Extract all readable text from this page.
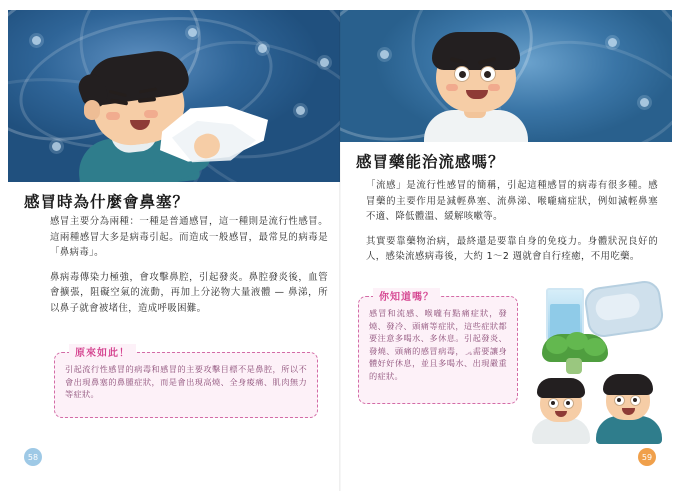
感冒時為什麼會鼻塞？

感冒主要分為兩種：一種是普通感冒，這一種則是流行性感冒。這兩種感冒大多是病毒引起。而造成一般感冒，最常見的病毒是「鼻病毒」。

鼻病毒傳染力極強，會攻擊鼻腔，引起發炎。鼻腔發炎後，血管會擴張，阻礙空氣的流動，再加上分泌物大量液體 — 鼻涕，所以鼻子就會被堵住，造成呼吸困難。

原來如此！
引起流行性感冒的病毒和感冒的主要攻擊目標不是鼻腔，所以不會出現鼻塞的鼻腫症狀，而是會出現高燒、全身痠痛、肌肉無力等症狀。
58
感冒藥能治流感嗎？

「流感」是流行性感冒的簡稱，引起這種感冒的病毒有很多種。感冒藥的主要作用是減輕鼻塞、流鼻涕、喉嚨痛症狀，例如減輕鼻塞不適、降低體溫、緩解咳嗽等。

其實要靠藥物治病，最終還是要靠自身的免疫力。身體狀況良好的人，感染流感病毒後，大約 1～2 週就會自行痊癒，不用吃藥。

你知道嗎？
感冒和流感、喉嚨有點痛症狀，發燒、發冷、頭痛等症狀，這些症狀都要注意多喝水、多休息。引起發炎、發燒、頭痛的感冒病毒，就需要讓身體好好休息，並且多喝水、出現嚴重的症狀。
59
